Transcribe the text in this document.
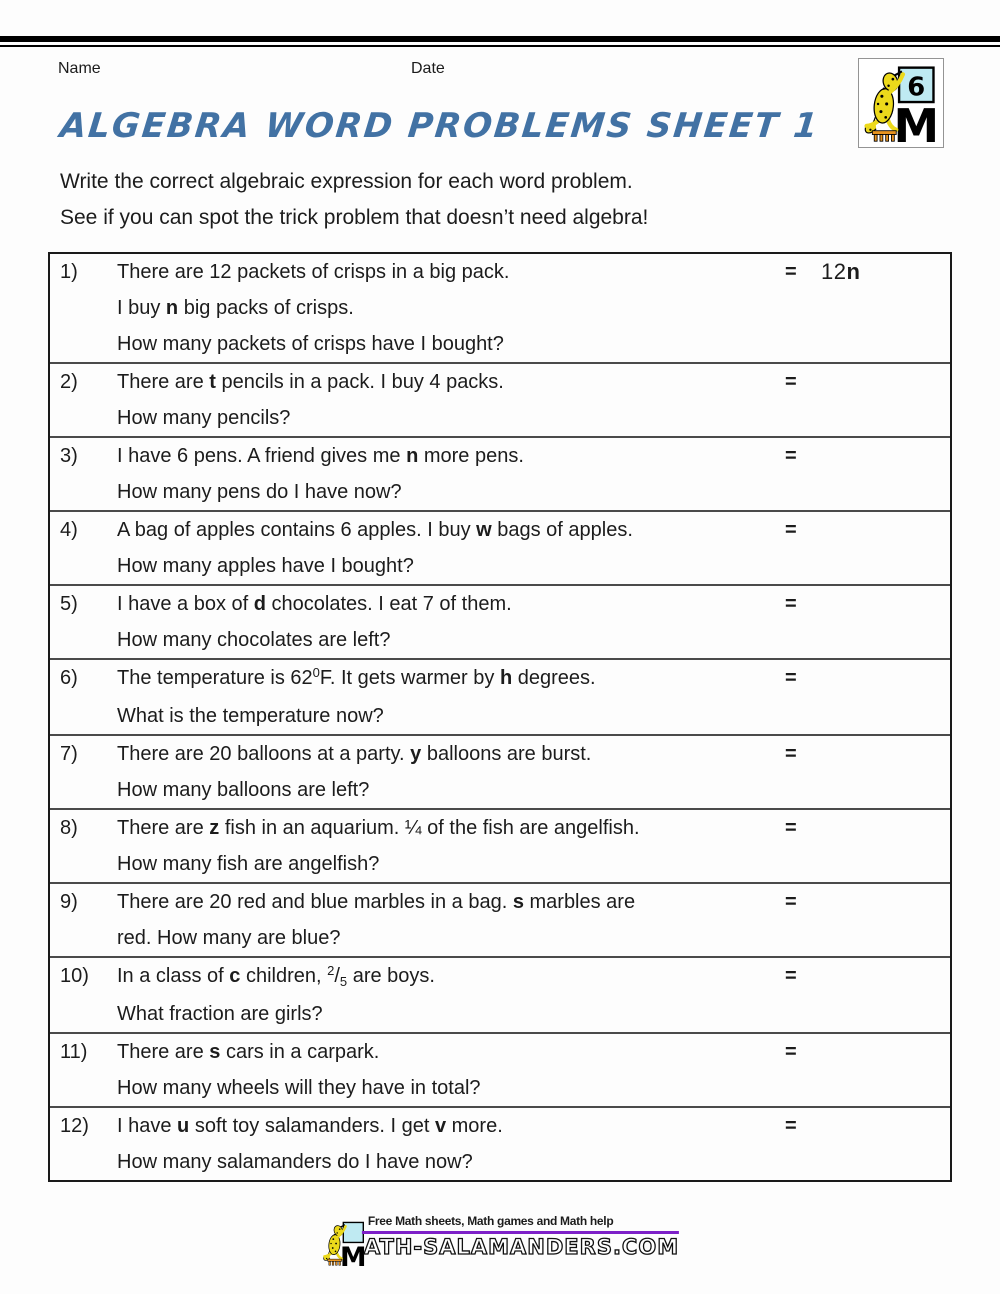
Name	Date
6
ALGEBRA WORD PROBLEMS SHEET 1

Write the correct algebraic expression for each word problem.

See if you can spot the trick problem that doesn’t need algebra!

1)	There are 12 packets of crisps in a big pack.
I buy n big packs of crisps.
How many packets of crisps have I bought?
=	12n
2)	There are t pencils in a pack. I buy 4 packs.
How many pencils?
=
3)	I have 6 pens. A friend gives me n more pens.
How many pens do I have now?
=
4)	A bag of apples contains 6 apples. I buy w bags of apples.
How many apples have I bought?
=
5)	I have a box of d chocolates. I eat 7 of them.
How many chocolates are left?
=
6)	The temperature is $62^0F$. It gets warmer by h degrees.
What is the temperature now?
=
7)	There are 20 balloons at a party. y balloons are burst.
How many balloons are left?
=
8)	There are z fish in an aquarium. ¼ of the fish are angelfish.
How many fish are angelfish?
=
9)	There are 20 red and blue marbles in a bag. s marbles are
red. How many are blue?
=
10)	In a class of c children, $^2/_5$ are boys.
What fraction are girls?
=
11)	There are s cars in a carpark.
How many wheels will they have in total?
=
12)	I have u soft toy salamanders. I get v more.
How many salamanders do I have now?
=
Free Math sheets, Math games and Math help
ATH-SALAMANDERS.COM
